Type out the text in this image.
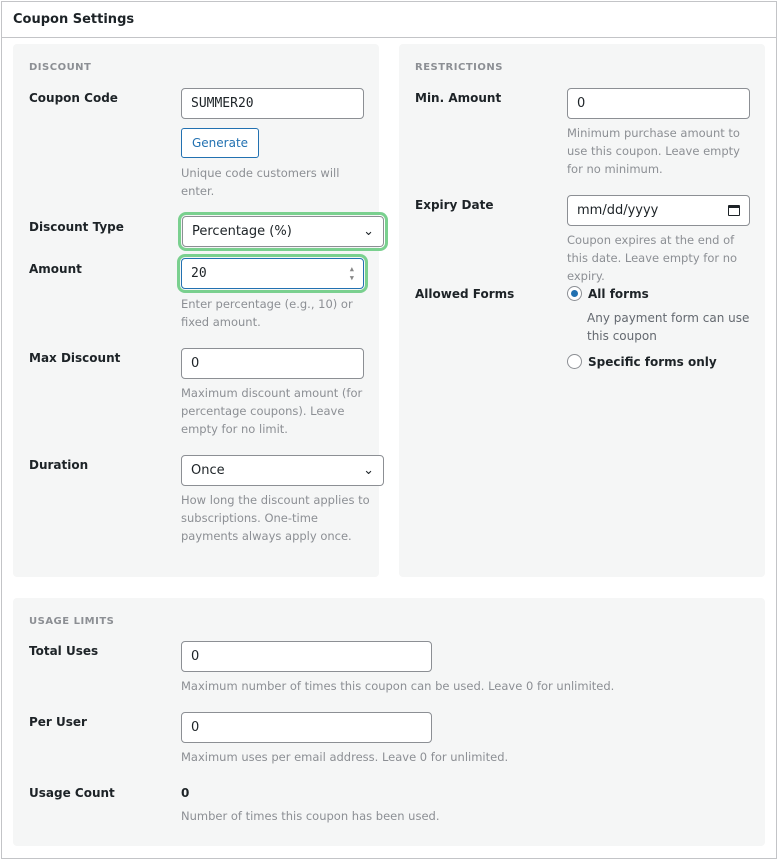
Coupon Settings
DISCOUNT
Coupon Code	SUMMER20
Generate
Unique code customers will enter.
Discount Type	Percentage (%)	⌄
Amount	20	▲
▼
Enter percentage (e.g., 10) or fixed amount.
Max Discount	0
Maximum discount amount (for percentage coupons). Leave empty for no limit.
Duration	Once	⌄
How long the discount applies to subscriptions. One-time payments always apply once.
RESTRICTIONS
Min. Amount	0
Minimum purchase amount to use this coupon. Leave empty for no minimum.
Expiry Date	mm/dd/yyyy
Coupon expires at the end of this date. Leave empty for no expiry.
Allowed Forms	All forms
Any payment form can use this coupon
Specific forms only
USAGE LIMITS
Total Uses	0
Maximum number of times this coupon can be used. Leave 0 for unlimited.
Per User	0
Maximum uses per email address. Leave 0 for unlimited.
Usage Count	0
Number of times this coupon has been used.
